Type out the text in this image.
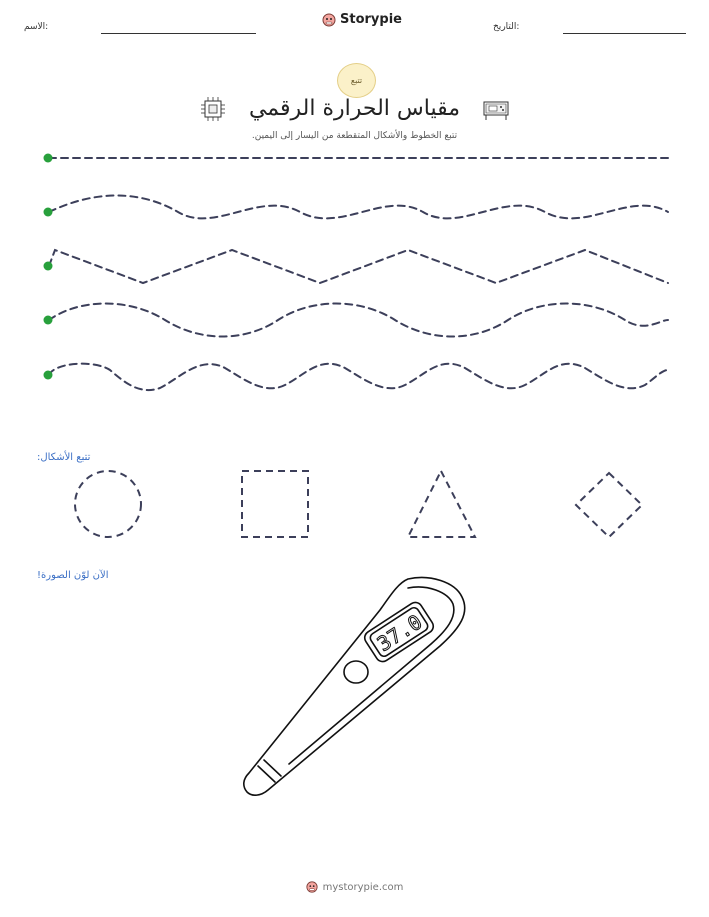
الاسم:	Storypie	التاريخ:
تتبع
مقياس الحرارة الرقمي
تتبع الخطوط والأشكال المتقطعة من اليسار إلى اليمين.
تتبع الأشكال:
الآن لوّن الصورة!
37.0
mystorypie.com
